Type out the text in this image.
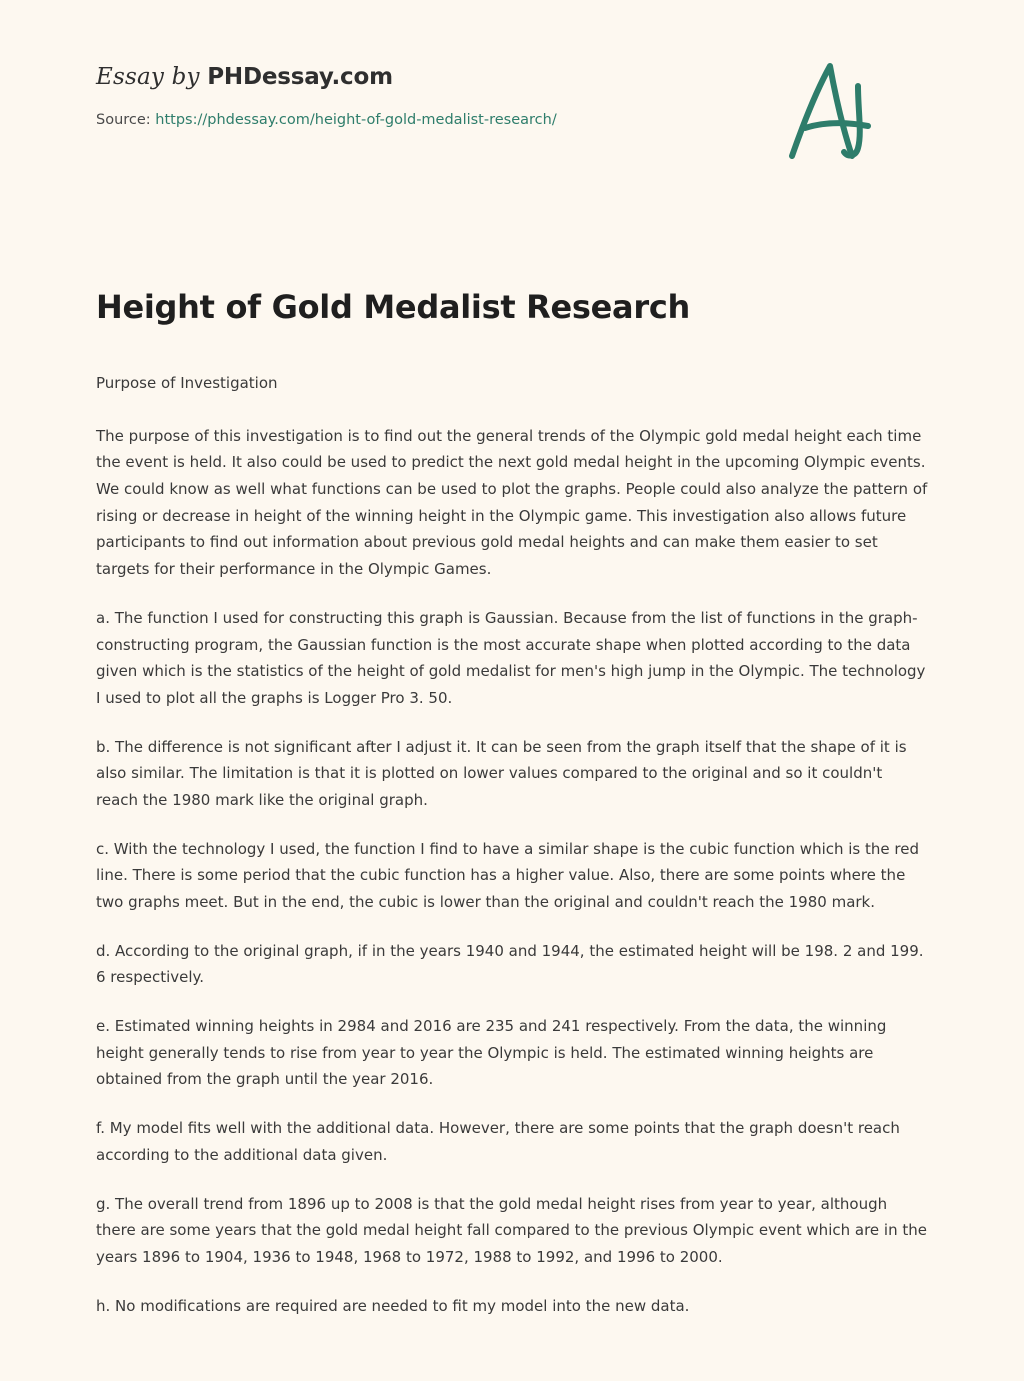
Essay by PHDessay.com
Source: https://phdessay.com/height-of-gold-medalist-research/
Height of Gold Medalist Research

Purpose of Investigation

The purpose of this investigation is to find out the general trends of the Olympic gold medal height each time the event is held. It also could be used to predict the next gold medal height in the upcoming Olympic events. We could know as well what functions can be used to plot the graphs. People could also analyze the pattern of rising or decrease in height of the winning height in the Olympic game. This investigation also allows future participants to find out information about previous gold medal heights and can make them easier to set targets for their performance in the Olympic Games.

a. The function I used for constructing this graph is Gaussian. Because from the list of functions in the graph-constructing program, the Gaussian function is the most accurate shape when plotted according to the data given which is the statistics of the height of gold medalist for men's high jump in the Olympic. The technology I used to plot all the graphs is Logger Pro 3. 50.

b. The difference is not significant after I adjust it. It can be seen from the graph itself that the shape of it is also similar. The limitation is that it is plotted on lower values compared to the original and so it couldn't reach the 1980 mark like the original graph.

c. With the technology I used, the function I find to have a similar shape is the cubic function which is the red line. There is some period that the cubic function has a higher value. Also, there are some points where the two graphs meet. But in the end, the cubic is lower than the original and couldn't reach the 1980 mark.

d. According to the original graph, if in the years 1940 and 1944, the estimated height will be 198. 2 and 199. 6 respectively.

e. Estimated winning heights in 2984 and 2016 are 235 and 241 respectively. From the data, the winning height generally tends to rise from year to year the Olympic is held. The estimated winning heights are obtained from the graph until the year 2016.

f. My model fits well with the additional data. However, there are some points that the graph doesn't reach according to the additional data given.

g. The overall trend from 1896 up to 2008 is that the gold medal height rises from year to year, although there are some years that the gold medal height fall compared to the previous Olympic event which are in the years 1896 to 1904, 1936 to 1948, 1968 to 1972, 1988 to 1992, and 1996 to 2000.

h. No modifications are required are needed to fit my model into the new data.
